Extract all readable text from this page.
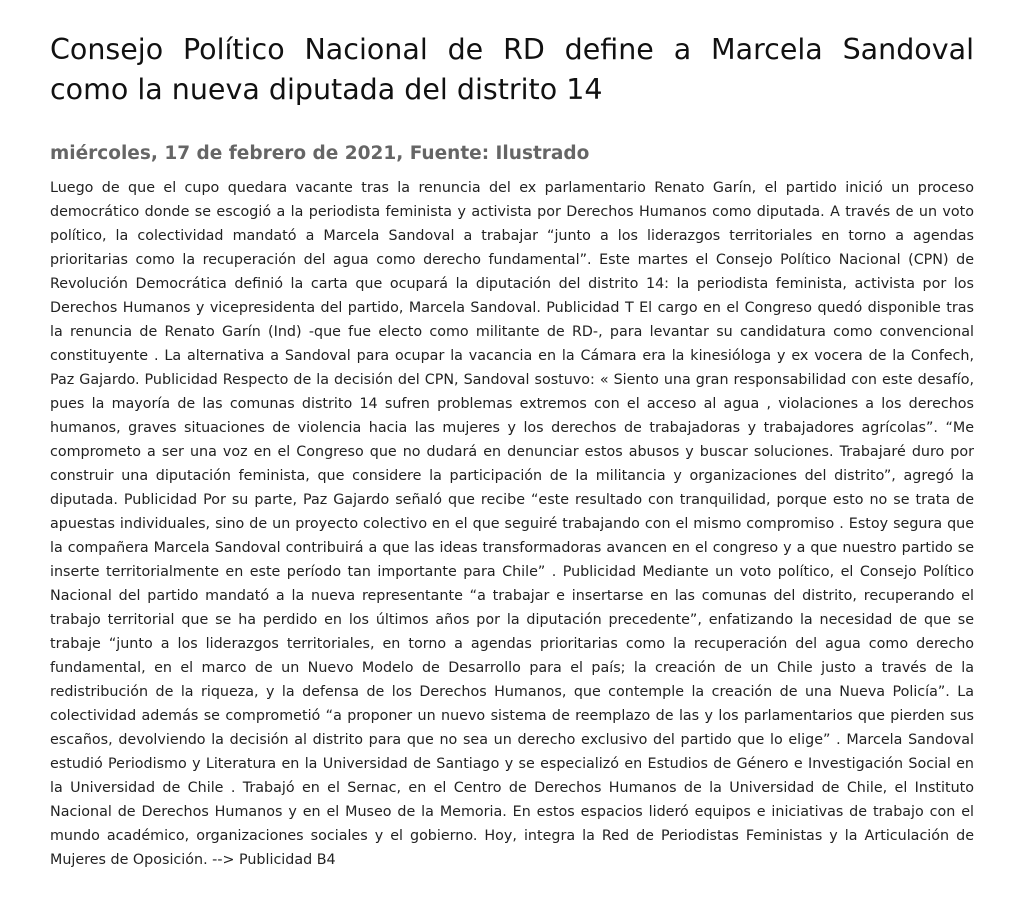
Consejo Político Nacional de RD define a Marcela Sandoval como la nueva diputada del distrito 14
miércoles, 17 de febrero de 2021, Fuente: Ilustrado

Luego de que el cupo quedara vacante tras la renuncia del ex parlamentario Renato Garín, el partido inició un proceso democrático donde se escogió a la periodista feminista y activista por Derechos Humanos como diputada. A través de un voto político, la colectividad mandató a Marcela Sandoval a trabajar “junto a los liderazgos territoriales en torno a agendas prioritarias como la recuperación del agua como derecho fundamental”. Este martes el Consejo Político Nacional (CPN) de Revolución Democrática definió la carta que ocupará la diputación del distrito 14: la periodista feminista, activista por los Derechos Humanos y vicepresidenta del partido, Marcela Sandoval. Publicidad T El cargo en el Congreso quedó disponible tras la renuncia de Renato Garín (Ind) -que fue electo como militante de RD-, para levantar su candidatura como convencional constituyente . La alternativa a Sandoval para ocupar la vacancia en la Cámara era la kinesióloga y ex vocera de la Confech, Paz Gajardo. Publicidad Respecto de la decisión del CPN, Sandoval sostuvo: « Siento una gran responsabilidad con este desafío, pues la mayoría de las comunas distrito 14 sufren problemas extremos con el acceso al agua , violaciones a los derechos humanos, graves situaciones de violencia hacia las mujeres y los derechos de trabajadoras y trabajadores agrícolas”. “Me comprometo a ser una voz en el Congreso que no dudará en denunciar estos abusos y buscar soluciones. Trabajaré duro por construir una diputación feminista, que considere la participación de la militancia y organizaciones del distrito”, agregó la diputada. Publicidad Por su parte, Paz Gajardo señaló que recibe “este resultado con tranquilidad, porque esto no se trata de apuestas individuales, sino de un proyecto colectivo en el que seguiré trabajando con el mismo compromiso . Estoy segura que la compañera Marcela Sandoval contribuirá a que las ideas transformadoras avancen en el congreso y a que nuestro partido se inserte territorialmente en este período tan importante para Chile” . Publicidad Mediante un voto político, el Consejo Político Nacional del partido mandató a la nueva representante “a trabajar e insertarse en las comunas del distrito, recuperando el trabajo territorial que se ha perdido en los últimos años por la diputación precedente”, enfatizando la necesidad de que se trabaje “junto a los liderazgos territoriales, en torno a agendas prioritarias como la recuperación del agua como derecho fundamental, en el marco de un Nuevo Modelo de Desarrollo para el país; la creación de un Chile justo a través de la redistribución de la riqueza, y la defensa de los Derechos Humanos, que contemple la creación de una Nueva Policía”. La colectividad además se comprometió “a proponer un nuevo sistema de reemplazo de las y los parlamentarios que pierden sus escaños, devolviendo la decisión al distrito para que no sea un derecho exclusivo del partido que lo elige” . Marcela Sandoval estudió Periodismo y Literatura en la Universidad de Santiago y se especializó en Estudios de Género e Investigación Social en la Universidad de Chile . Trabajó en el Sernac, en el Centro de Derechos Humanos de la Universidad de Chile, el Instituto Nacional de Derechos Humanos y en el Museo de la Memoria. En estos espacios lideró equipos e iniciativas de trabajo con el mundo académico, organizaciones sociales y el gobierno. Hoy, integra la Red de Periodistas Feministas y la Articulación de Mujeres de Oposición. --> Publicidad B4
